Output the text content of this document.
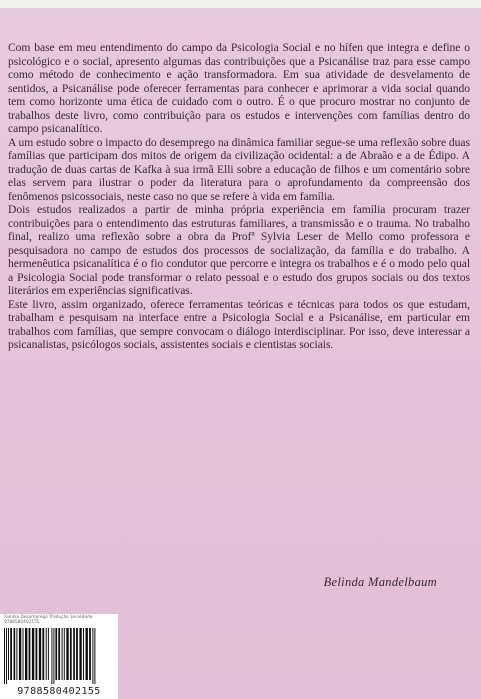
Com base em meu entendimento do campo da Psicologia Social e no hífen que integra e define o psicológico e o social, apresento algumas das contribuições que a Psicanálise traz para esse campo como método de conhecimento e ação transformadora. Em sua atividade de desvelamento de sentidos, a Psicanálise pode oferecer ferramentas para conhecer e aprimorar a vida social quando tem como horizonte uma ética de cuidado com o outro. É o que procuro mostrar no conjunto de trabalhos deste livro, como contribuição para os estudos e intervenções com famílias dentro do campo psicanalítico.

A um estudo sobre o impacto do desemprego na dinâmica familiar segue-se uma reflexão sobre duas famílias que participam dos mitos de origem da civilização ocidental: a de Abraão e a de Édipo. A tradução de duas cartas de Kafka à sua irmã Elli sobre a educação de filhos e um comentário sobre elas servem para ilustrar o poder da literatura para o aprofundamento da compreensão dos fenômenos psicossociais, neste caso no que se refere à vida em família.

Dois estudos realizados a partir de minha própria experiência em família procuram trazer contribuições para o entendimento das estruturas familiares, a transmissão e o trauma. No trabalho final, realizo uma reflexão sobre a obra da Profª Sylvia Leser de Mello como professora e pesquisadora no campo de estudos dos processos de socialização, da família e do trabalho. A hermenêutica psicanalítica é o fio condutor que percorre e integra os trabalhos e é o modo pelo qual a Psicologia Social pode transformar o relato pessoal e o estudo dos grupos sociais ou dos textos literários em experiências significativas.

Este livro, assim organizado, oferece ferramentas teóricas e técnicas para todos os que estudam, trabalham e pesquisam na interface entre a Psicologia Social e a Psicanálise, em particular em trabalhos com famílias, que sempre convocam o diálogo interdisciplinar. Por isso, deve interessar a psicanalistas, psicólogos sociais, assistentes sociais e cientistas sociais.

Belinda Mandelbaum
Família Desemprego Tradução Sociedade 9788580402155
9788580402155
